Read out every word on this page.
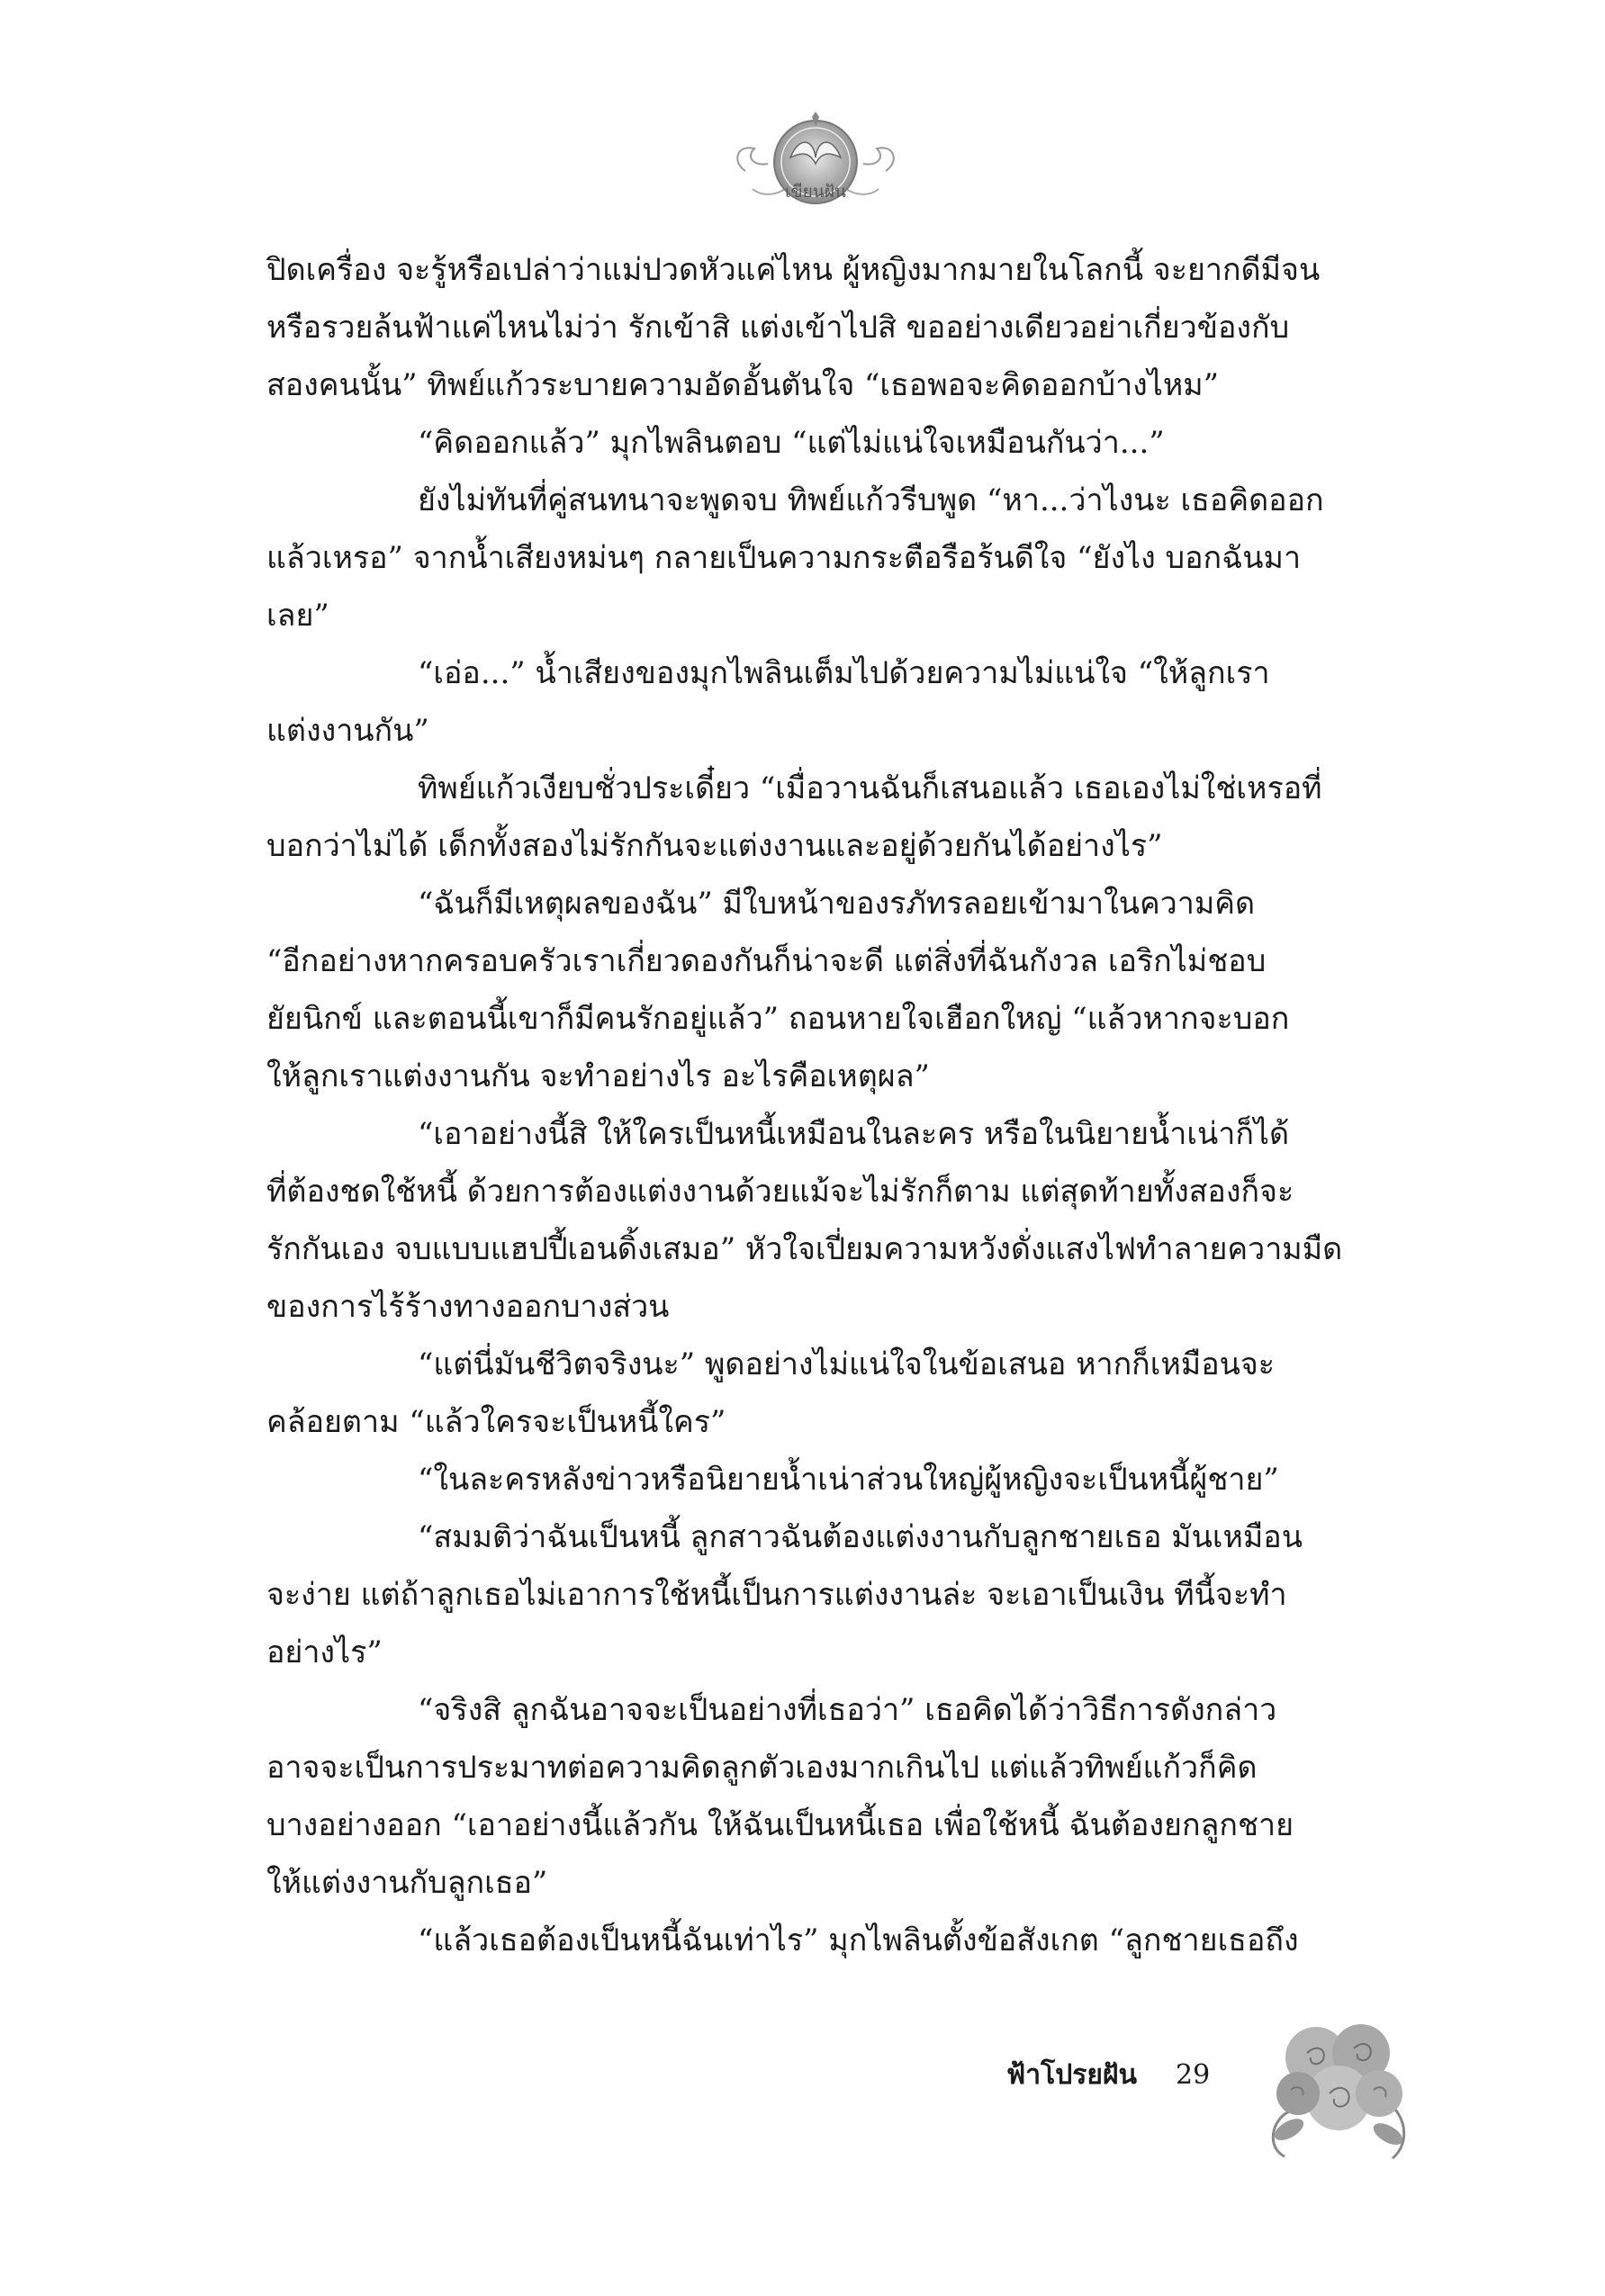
เขียนฝัน
ปิดเครื่อง จะรู้หรือเปล่าว่าแม่ปวดหัวแค่ไหน ผู้หญิงมากมายในโลกนี้ จะยากดีมีจน
หรือรวยล้นฟ้าแค่ไหนไม่ว่า รักเข้าสิ แต่งเข้าไปสิ ขออย่างเดียวอย่าเกี่ยวข้องกับ
สองคนนั้น” ทิพย์แก้วระบายความอัดอั้นตันใจ “เธอพอจะคิดออกบ้างไหม”
“คิดออกแล้ว” มุกไพลินตอบ “แต่ไม่แน่ใจเหมือนกันว่า...”
ยังไม่ทันที่คู่สนทนาจะพูดจบ ทิพย์แก้วรีบพูด “หา...ว่าไงนะ เธอคิดออก
แล้วเหรอ” จากน้ำเสียงหม่นๆ กลายเป็นความกระตือรือร้นดีใจ “ยังไง บอกฉันมา
เลย”
“เอ่อ...” น้ำเสียงของมุกไพลินเต็มไปด้วยความไม่แน่ใจ “ให้ลูกเรา
แต่งงานกัน”
ทิพย์แก้วเงียบชั่วประเดี๋ยว “เมื่อวานฉันก็เสนอแล้ว เธอเองไม่ใช่เหรอที่
บอกว่าไม่ได้ เด็กทั้งสองไม่รักกันจะแต่งงานและอยู่ด้วยกันได้อย่างไร”
“ฉันก็มีเหตุผลของฉัน” มีใบหน้าของรภัทรลอยเข้ามาในความคิด
“อีกอย่างหากครอบครัวเราเกี่ยวดองกันก็น่าจะดี แต่สิ่งที่ฉันกังวล เอริกไม่ชอบ
ยัยนิกข์ และตอนนี้เขาก็มีคนรักอยู่แล้ว” ถอนหายใจเฮือกใหญ่ “แล้วหากจะบอก
ให้ลูกเราแต่งงานกัน จะทำอย่างไร อะไรคือเหตุผล”
“เอาอย่างนี้สิ ให้ใครเป็นหนี้เหมือนในละคร หรือในนิยายน้ำเน่าก็ได้
ที่ต้องชดใช้หนี้ ด้วยการต้องแต่งงานด้วยแม้จะไม่รักก็ตาม แต่สุดท้ายทั้งสองก็จะ
รักกันเอง จบแบบแฮปปี้เอนดิ้งเสมอ” หัวใจเปี่ยมความหวังดั่งแสงไฟทำลายความมืด
ของการไร้ร้างทางออกบางส่วน
“แต่นี่มันชีวิตจริงนะ” พูดอย่างไม่แน่ใจในข้อเสนอ หากก็เหมือนจะ
คล้อยตาม “แล้วใครจะเป็นหนี้ใคร”
“ในละครหลังข่าวหรือนิยายน้ำเน่าส่วนใหญ่ผู้หญิงจะเป็นหนี้ผู้ชาย”
“สมมติว่าฉันเป็นหนี้ ลูกสาวฉันต้องแต่งงานกับลูกชายเธอ มันเหมือน
จะง่าย แต่ถ้าลูกเธอไม่เอาการใช้หนี้เป็นการแต่งงานล่ะ จะเอาเป็นเงิน ทีนี้จะทำ
อย่างไร”
“จริงสิ ลูกฉันอาจจะเป็นอย่างที่เธอว่า” เธอคิดได้ว่าวิธีการดังกล่าว
อาจจะเป็นการประมาทต่อความคิดลูกตัวเองมากเกินไป แต่แล้วทิพย์แก้วก็คิด
บางอย่างออก “เอาอย่างนี้แล้วกัน ให้ฉันเป็นหนี้เธอ เพื่อใช้หนี้ ฉันต้องยกลูกชาย
ให้แต่งงานกับลูกเธอ”
“แล้วเธอต้องเป็นหนี้ฉันเท่าไร” มุกไพลินตั้งข้อสังเกต “ลูกชายเธอถึง
ฟ้าโปรยฝัน 29
